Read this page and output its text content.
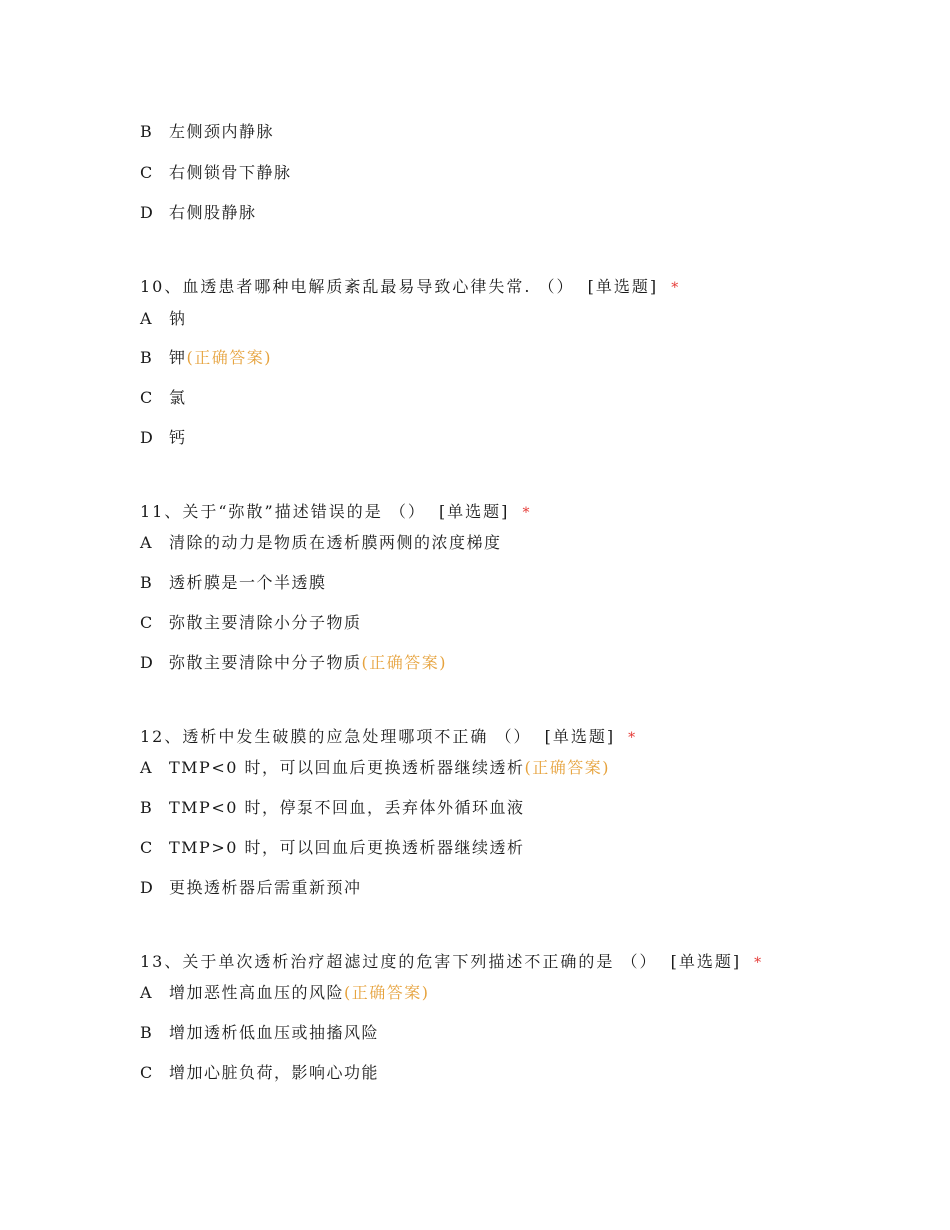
B 左侧颈内静脉
C 右侧锁骨下静脉
D 右侧股静脉
10、血透患者哪种电解质紊乱最易导致心律失常. （） [单选题] *
A 钠
B 钾(正确答案)
C 氯
D 钙
11、关于“弥散”描述错误的是 （） [单选题] *
A 清除的动力是物质在透析膜两侧的浓度梯度
B 透析膜是一个半透膜
C 弥散主要清除小分子物质
D 弥散主要清除中分子物质(正确答案)
12、透析中发生破膜的应急处理哪项不正确 （） [单选题] *
A TMP<0 时，可以回血后更换透析器继续透析(正确答案)
B TMP<0 时，停泵不回血，丢弃体外循环血液
C TMP>0 时，可以回血后更换透析器继续透析
D 更换透析器后需重新预冲
13、关于单次透析治疗超滤过度的危害下列描述不正确的是 （） [单选题] *
A 增加恶性高血压的风险(正确答案)
B 增加透析低血压或抽搐风险
C 增加心脏负荷，影响心功能
